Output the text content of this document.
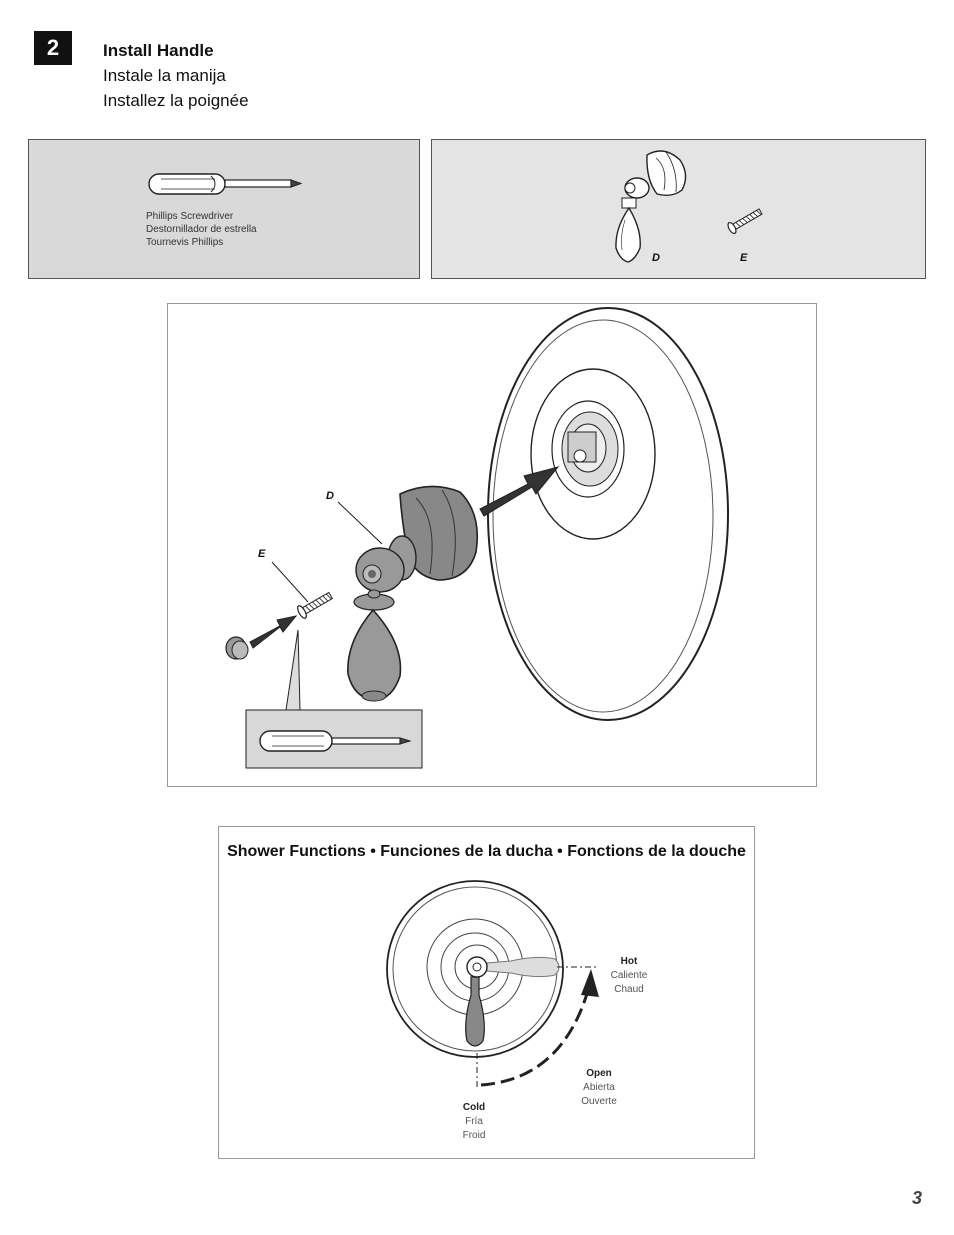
2	Install Handle
Instale la manija
Installez la poignée
Phillips Screwdriver
Destornillador de estrella
Tournevis Phillips
D	E
D
E
Shower Functions • Funciones de la ducha • Fonctions de la douche
Hot
Caliente
Chaud
Open
Abierta
Ouverte
Cold
Fría
Froid
3
